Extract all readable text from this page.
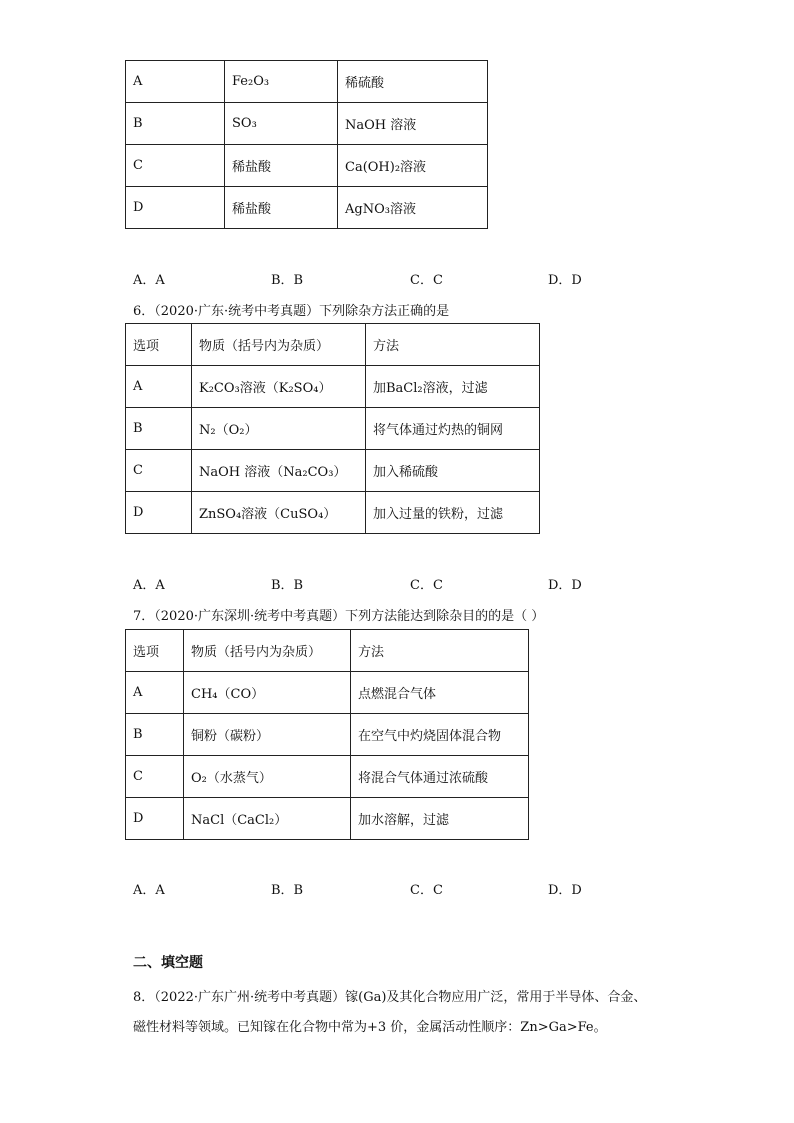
A	Fe₂O₃	稀硫酸
B	SO₃	NaOH 溶液
C	稀盐酸	Ca(OH)₂溶液
D	稀盐酸	AgNO₃溶液
A．A	B．B	C．C	D．D
6．（2020·广东·统考中考真题）下列除杂方法正确的是
选项	物质（括号内为杂质）	方法
A	K₂CO₃溶液（K₂SO₄）	加BaCl₂溶液，过滤
B	N₂（O₂）	将气体通过灼热的铜网
C	NaOH 溶液（Na₂CO₃）	加入稀硫酸
D	ZnSO₄溶液（CuSO₄）	加入过量的铁粉，过滤
A．A	B．B	C．C	D．D
7．（2020·广东深圳·统考中考真题）下列方法能达到除杂目的的是（ ）
选项	物质（括号内为杂质）	方法
A	CH₄（CO）	点燃混合气体
B	铜粉（碳粉）	在空气中灼烧固体混合物
C	O₂（水蒸气）	将混合气体通过浓硫酸
D	NaCl（CaCl₂）	加水溶解，过滤
A．A	B．B	C．C	D．D
二、填空题
8．（2022·广东广州·统考中考真题）镓(Ga)及其化合物应用广泛，常用于半导体、合金、
磁性材料等领域。已知镓在化合物中常为+3 价，金属活动性顺序：Zn>Ga>Fe。
